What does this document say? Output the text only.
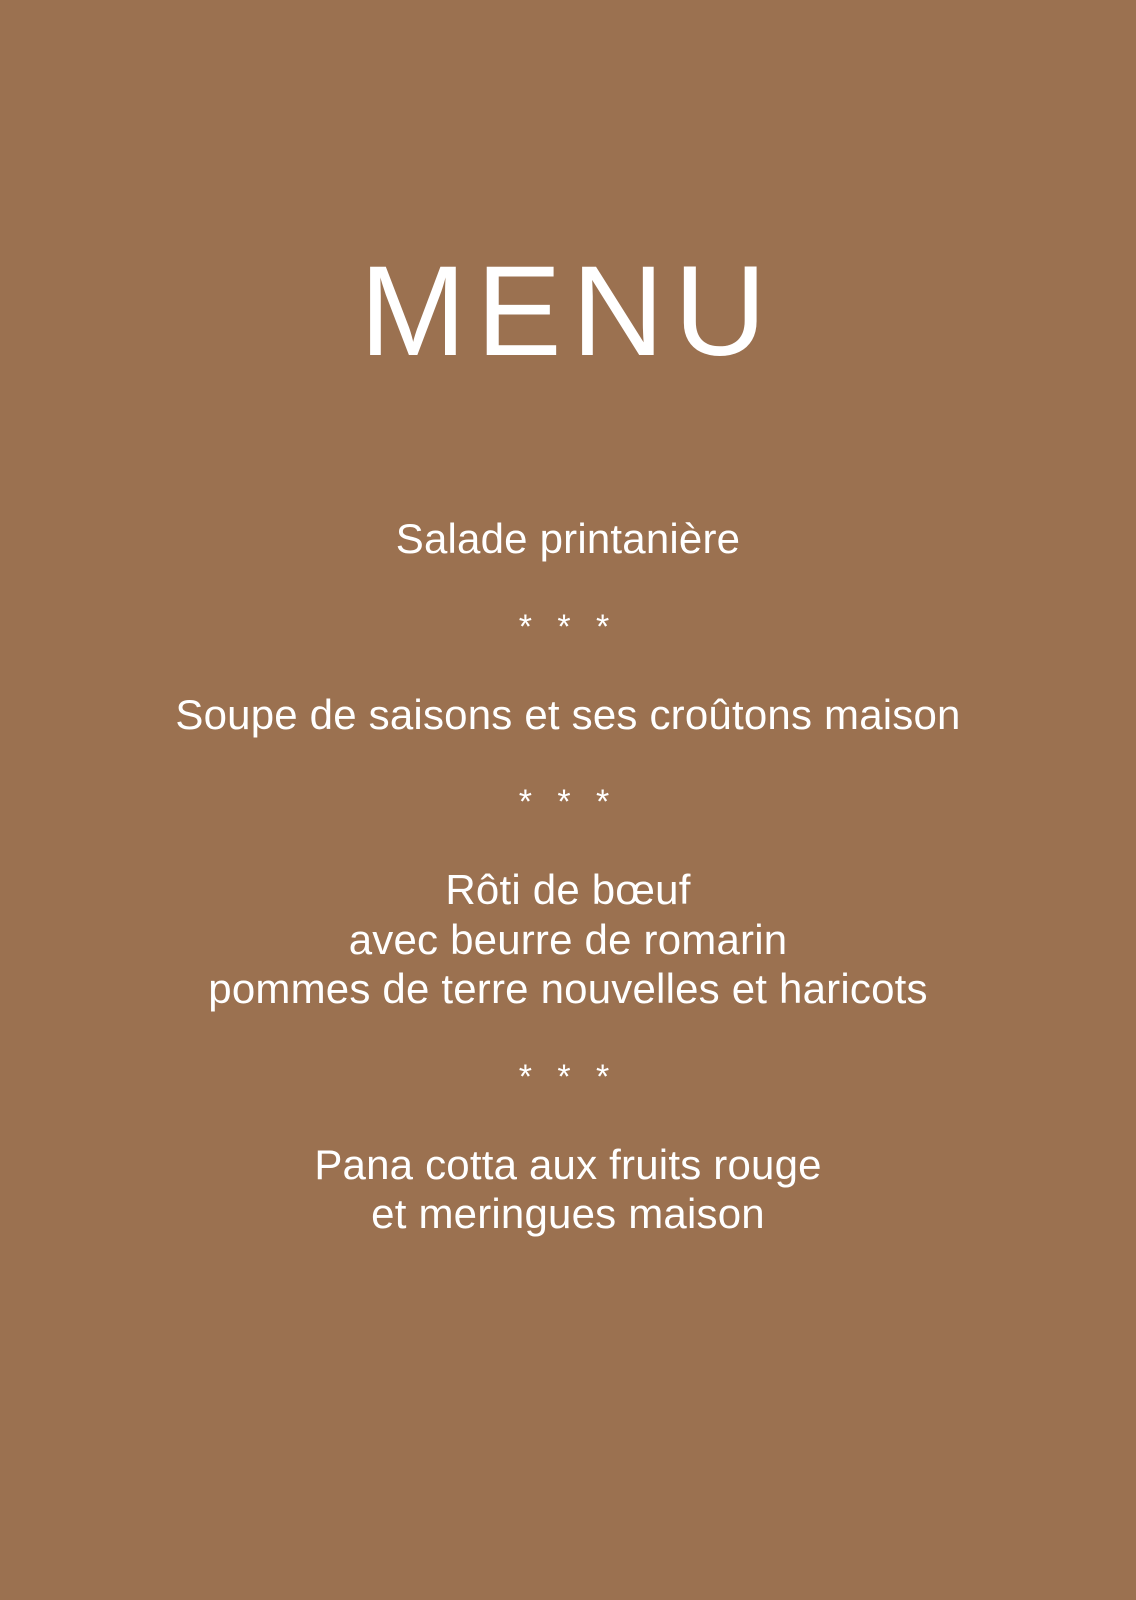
MENU
Salade printanière
* * *
Soupe de saisons et ses croûtons maison
* * *
Rôti de bœuf
avec beurre de romarin
pommes de terre nouvelles et haricots
* * *
Pana cotta aux fruits rouge
et meringues maison
